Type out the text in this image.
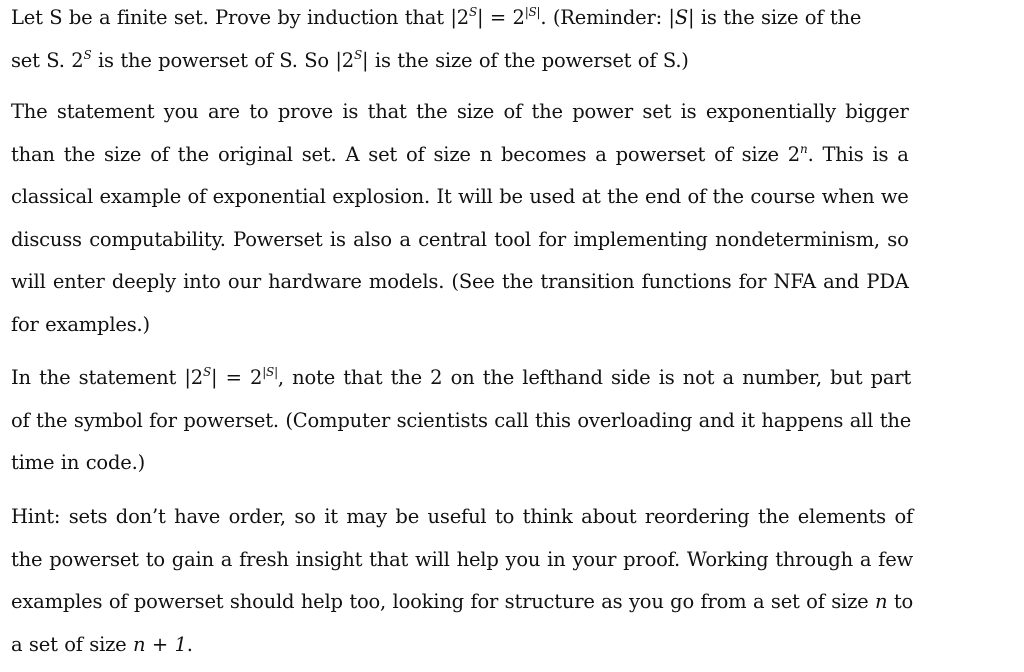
Let S be a finite set. Prove by induction that $|2^S| = 2^{|S|}$. (Reminder: |S| is the size of the
set S. $2^S$ is the powerset of S. So $|2^S|$ is the size of the powerset of S.)

The statement you are to prove is that the size of the power set is exponentially bigger
than the size of the original set. A set of size n becomes a powerset of size 2$^n$. This is a
classical example of exponential explosion. It will be used at the end of the course when we
discuss computability. Powerset is also a central tool for implementing nondeterminism, so
will enter deeply into our hardware models. (See the transition functions for NFA and PDA
for examples.)

In the statement $|2^S| = 2^{|S|}$, note that the 2 on the lefthand side is not a number, but part
of the symbol for powerset. (Computer scientists call this overloading and it happens all the
time in code.)

Hint: sets don’t have order, so it may be useful to think about reordering the elements of
the powerset to gain a fresh insight that will help you in your proof. Working through a few
examples of powerset should help too, looking for structure as you go from a set of size n to
a set of size n + 1.
